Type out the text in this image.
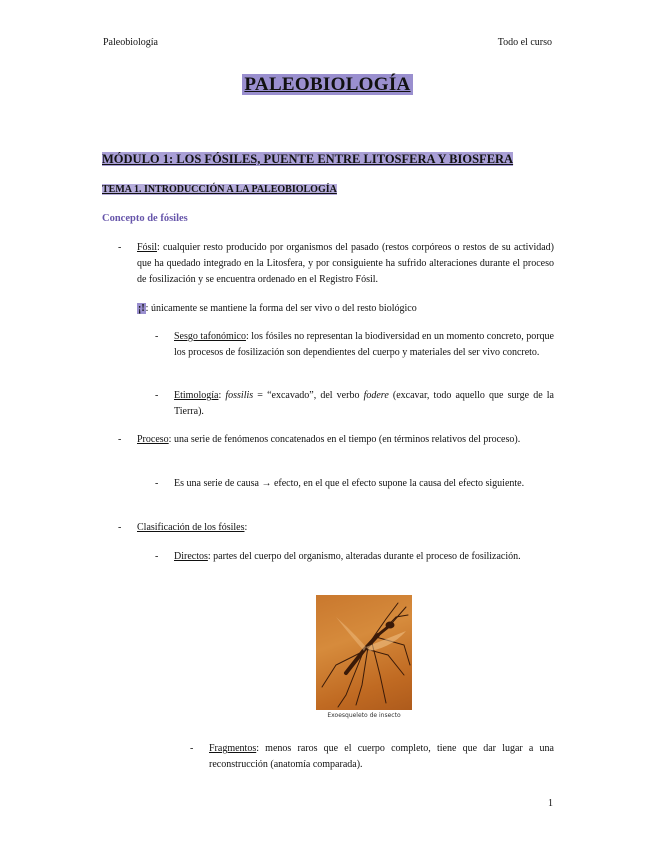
Paleobiología	Todo el curso
PALEOBIOLOGÍA
MÓDULO 1: LOS FÓSILES, PUENTE ENTRE LITOSFERA Y BIOSFERA
TEMA 1. INTRODUCCIÓN A LA PALEOBIOLOGÍA
Concepto de fósiles
- Fósil: cualquier resto producido por organismos del pasado (restos corpóreos o restos de su actividad) que ha quedado integrado en la Litosfera, y por consiguiente ha sufrido alteraciones durante el proceso de fosilización y se encuentra ordenado en el Registro Fósil.
¡!: únicamente se mantiene la forma del ser vivo o del resto biológico
- Sesgo tafonómico: los fósiles no representan la biodiversidad en un momento concreto, porque los procesos de fosilización son dependientes del cuerpo y materiales del ser vivo concreto.
- Etimología: fossilis = “excavado”, del verbo fodere (excavar, todo aquello que surge de la Tierra).
- Proceso: una serie de fenómenos concatenados en el tiempo (en términos relativos del proceso).
- Es una serie de causa → efecto, en el que el efecto supone la causa del efecto siguiente.
- Clasificación de los fósiles:
- Directos: partes del cuerpo del organismo, alteradas durante el proceso de fosilización.
Exoesqueleto de insecto
- Fragmentos: menos raros que el cuerpo completo, tiene que dar lugar a una reconstrucción (anatomía comparada).
1
